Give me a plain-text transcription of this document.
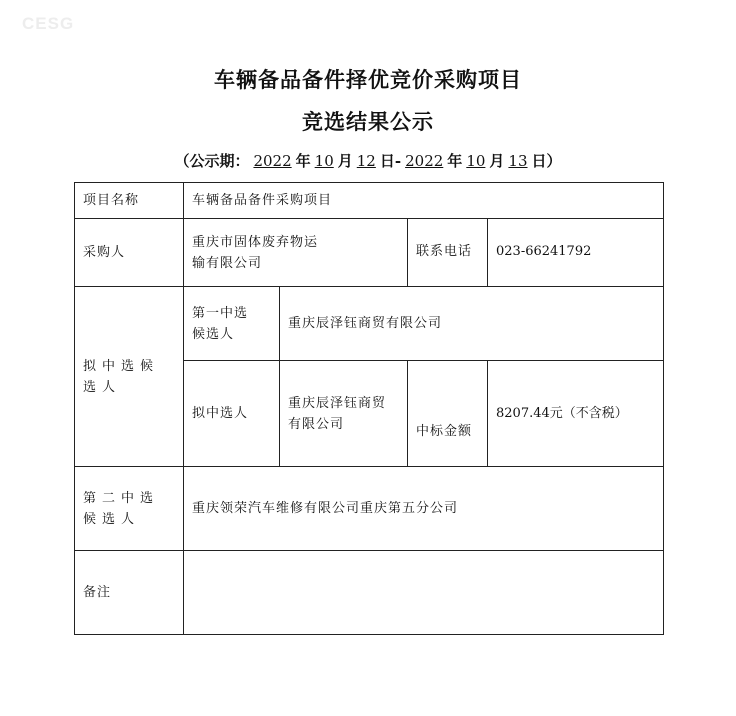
CESG
车辆备品备件择优竞价采购项目
竞选结果公示
（公示期： 2022 年 10 月 12 日- 2022 年 10 月 13 日）
项目名称	车辆备品备件采购项目			
采购人	重庆市固体废弃物运输有限公司		联系电话	023-66241792
拟中选候选人	第一中选候选人	重庆辰泽钰商贸有限公司		
	拟中选人	重庆辰泽钰商贸有限公司	中标金额	8207.44元（不含税）
第二中选候选人	重庆领荣汽车维修有限公司重庆第五分公司			
备注				
